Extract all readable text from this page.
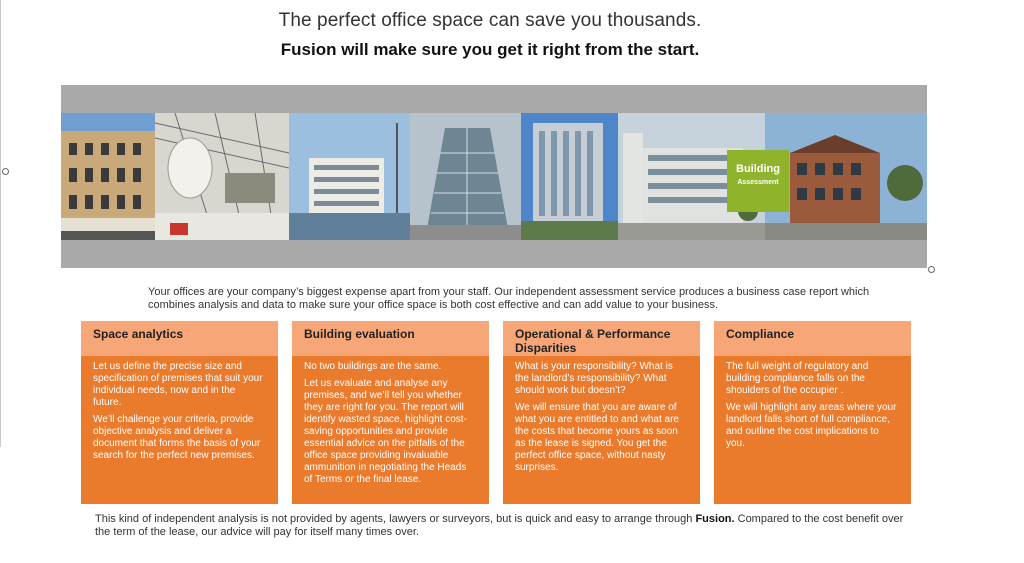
The perfect office space can save you thousands.
Fusion will make sure you get it right from the start.
Building
Assessment
Your offices are your company’s biggest expense apart from your staff. Our independent assessment service produces a business case report which combines analysis and data to make sure your office space is both cost effective and can add value to your business.
Space analytics

Let us define the precise size and specification of premises that suit your individual needs, now and in the future.

We’ll challenge your criteria, provide objective analysis and deliver a document that forms the basis of your search for the perfect new premises.

Building evaluation

No two buildings are the same.

Let us evaluate and analyse any premises, and we’ll tell you whether they are right for you. The report will identify wasted space, highlight cost-saving opportunities and provide essential advice on the pitfalls of the office space providing invaluable ammunition in negotiating the Heads of Terms or the final lease.

Operational & Performance Disparities

What is your responsibility? What is the landlord’s responsibility? What should work but doesn’t?

We will ensure that you are aware of what you are entitled to and what are the costs that become yours as soon as the lease is signed. You get the perfect office space, without nasty surprises.

Compliance

The full weight of regulatory and building compliance falls on the shoulders of the occupier .

We will highlight any areas where your landlord falls short of full compliance, and outline the cost implications to you.

This kind of independent analysis is not provided by agents, lawyers or surveyors, but is quick and easy to arrange through Fusion. Compared to the cost benefit over the term of the lease, our advice will pay for itself many times over.
